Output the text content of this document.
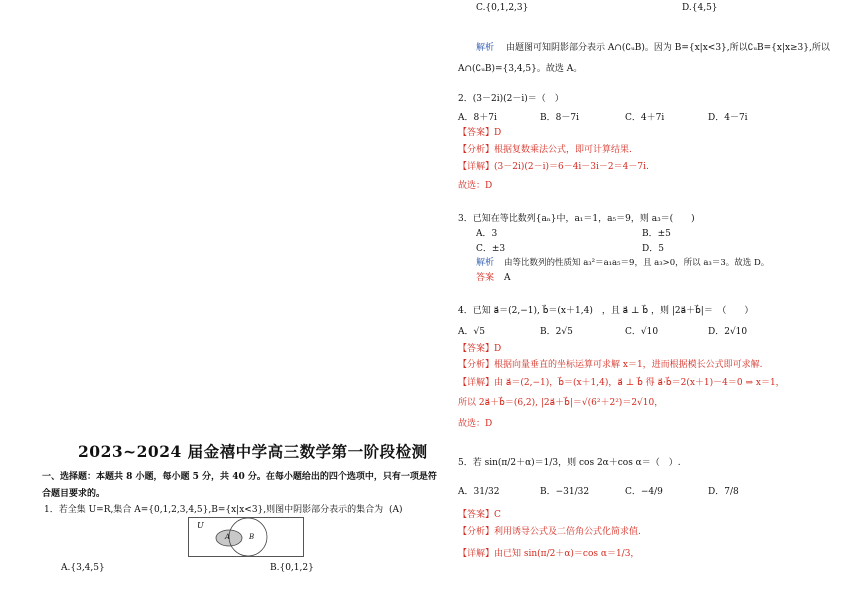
2023~2024 届金禧中学高三数学第一阶段检测
一、选择题：本题共 8 小题，每小题 5 分，共 40 分。在每小题给出的四个选项中，只有一项是符
合题目要求的。
1．若全集 U=R,集合 A={0,1,2,3,4,5},B={x|x<3},则图中阴影部分表示的集合为 (A)
U
A	B
A.{3,4,5}	B.{0,1,2}
C.{0,1,2,3}	D.{4,5}
解析 由题图可知阴影部分表示 A∩(∁ᵤB)。因为 B={x|x<3},所以∁ᵤB={x|x≥3},所以
A∩(∁ᵤB)={3,4,5}。故选 A。
2．(3－2i)(2－i)＝（　）
A．8＋7i	B．8－7i	C．4＋7i	D．4－7i
【答案】D
【分析】根据复数乘法公式，即可计算结果.
【详解】(3－2i)(2－i)＝6－4i－3i－2＝4－7i.
故选：D
3．已知在等比数列{aₙ}中，a₁＝1，a₅＝9，则 a₃＝(　　)
A．3	B．±5
C．±3	D．5
解析 由等比数列的性质知 a₃²＝a₁a₅＝9，且 a₃>0，所以 a₃＝3。故选 D。
答案 A
4．已知 a⃗＝(2,−1), b⃗＝(x＋1,4)　，且 a⃗ ⊥ b⃗ ，则 |2a⃗＋b⃗|＝　（　　）
A．√5	B．2√5	C．√10	D．2√10
【答案】D
【分析】根据向量垂直的坐标运算可求解 x＝1，进而根据模长公式即可求解.
【详解】由 a⃗＝(2,−1)，b⃗＝(x＋1,4)，a⃗ ⊥ b⃗ 得 a⃗·b⃗＝2(x＋1)－4＝0 ⇒ x＝1，
所以 2a⃗＋b⃗＝(6,2), |2a⃗＋b⃗|＝√(6²＋2²)＝2√10，
故选：D
5．若 sin(π/2＋α)＝1/3，则 cos 2α＋cos α＝（　）.
A．31/32	B．−31/32	C．−4/9	D．7/8
【答案】C
【分析】利用诱导公式及二倍角公式化简求值.
【详解】由已知 sin(π/2＋α)＝cos α＝1/3，
